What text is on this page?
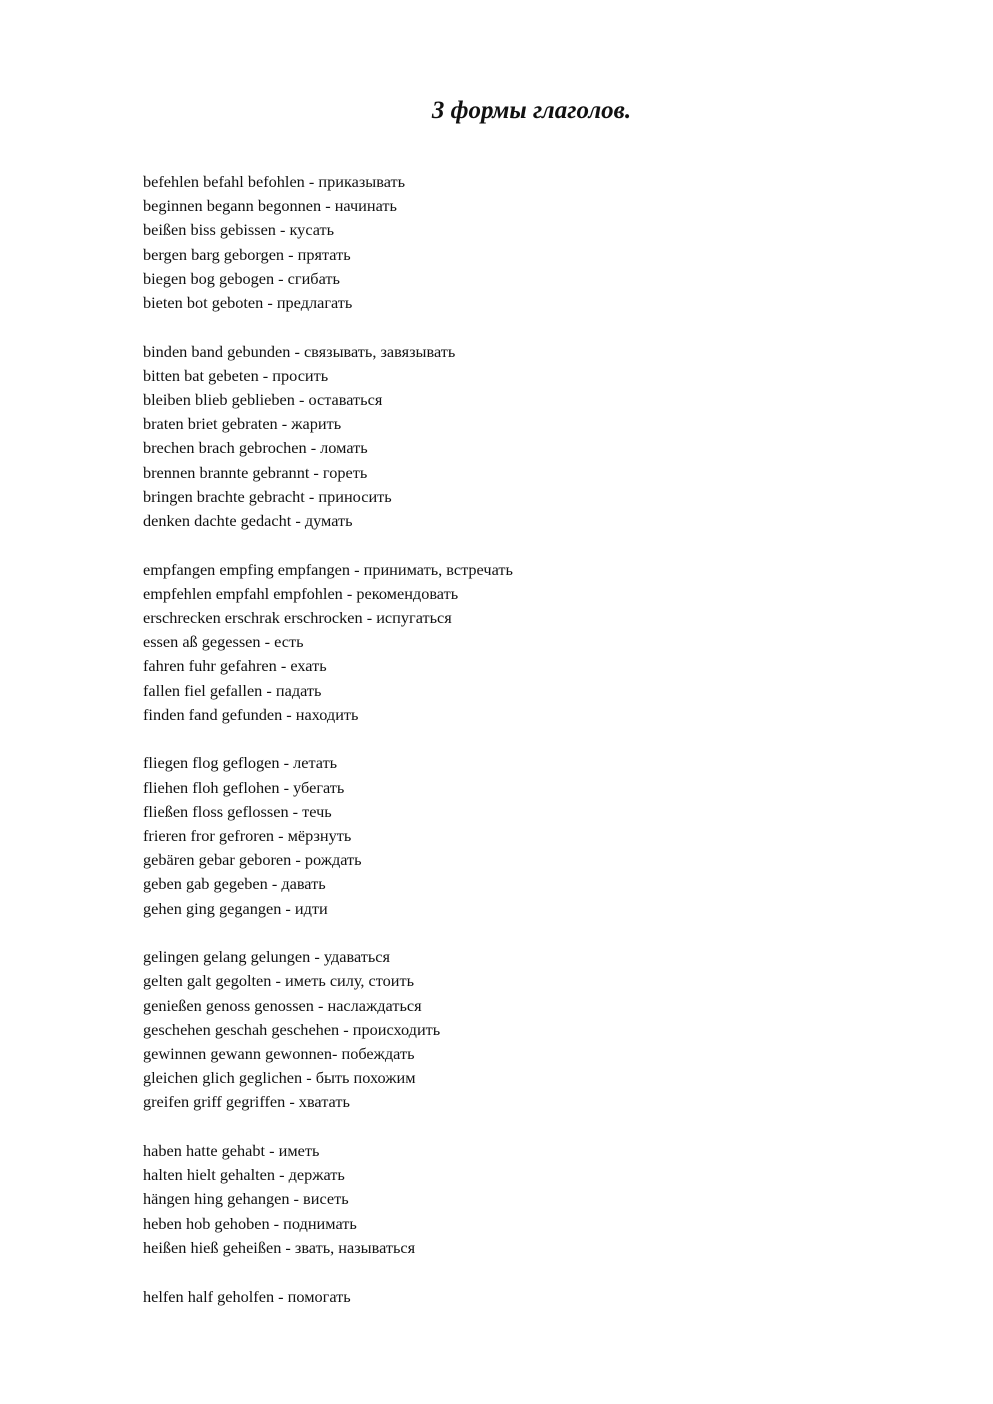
3 формы глаголов.
befehlen befahl befohlen - приказывать
beginnen begann begonnen - начинать
beißen biss gebissen - кусать
bergen barg geborgen - прятать
biegen bog gebogen - сгибать
bieten bot geboten - предлагать
binden band gebunden - связывать, завязывать
bitten bat gebeten - просить
bleiben blieb geblieben - оставаться
braten briet gebraten - жарить
brechen brach gebrochen - ломать
brennen brannte gebrannt - гореть
bringen brachte gebracht - приносить
denken dachte gedacht - думать
empfangen empfing empfangen - принимать, встречать
empfehlen empfahl empfohlen - рекомендовать
erschrecken erschrak erschrocken - испугаться
essen aß gegessen - есть
fahren fuhr gefahren - ехать
fallen fiel gefallen - падать
finden fand gefunden - находить
fliegen flog geflogen - летать
fliehen floh geflohen - убегать
fließen floss geflossen - течь
frieren fror gefroren - мёрзнуть
gebären gebar geboren - рождать
geben gab gegeben - давать
gehen ging gegangen - идти
gelingen gelang gelungen - удаваться
gelten galt gegolten - иметь силу, стоить
genießen genoss genossen - наслаждаться
geschehen geschah geschehen - происходить
gewinnen gewann gewonnen- побеждать
gleichen glich geglichen - быть похожим
greifen griff gegriffen - хватать
haben hatte gehabt - иметь
halten hielt gehalten - держать
hängen hing gehangen - висеть
heben hob gehoben - поднимать
heißen hieß geheißen - звать, называться
helfen half geholfen - помогать
